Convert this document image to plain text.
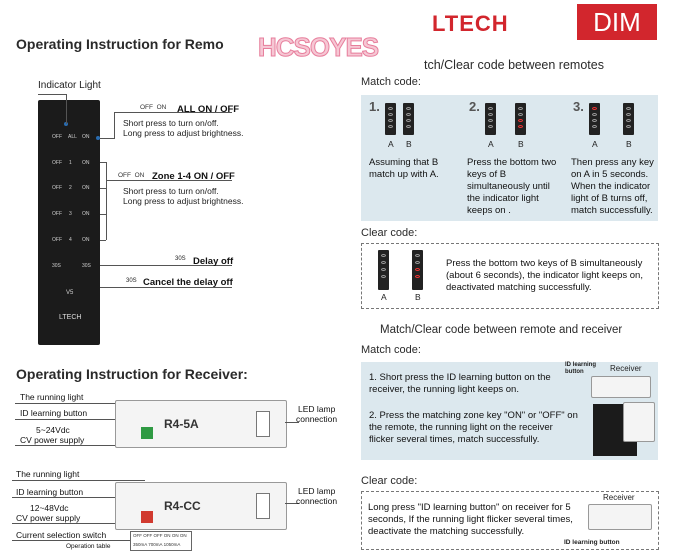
Operating Instruction for Remo HCSOYES
LTECH	DIM
tch/Clear code between remotes
Indicator Light
OFF ALL ON
OFF 1 ON
OFF 2 ON
OFF 3 ON
OFF 4 ON
30S	30S
V5
LTECH
OFF ON ALL ON / OFF
Short press to turn on/off.
Long press to adjust brightness.
OFF ON Zone 1-4 ON / OFF
Short press to turn on/off.
Long press to adjust brightness.
30S Delay off
30S Cancel the delay off
Match code:
1.
A B
Assuming that B match up with A.
2.
A	B
Press the bottom two keys of B simultaneously until the indicator light keeps on .
3.
A	B
Then press any key on A in 5 seconds. When the indicator light of B turns off, match successfully.
Clear code:
A	B
Press the bottom two keys of B simultaneously (about 6 seconds), the indicator light keeps on, deactivated matching successfully.
Operating Instruction for Receiver:
The running light
ID learning button
5~24Vdc
CV power supply
R4-5A
LED lamp
connection
The running light
ID learning button
12~48Vdc
CV power supply
Current selection switch
Operation table
R4-CC
OFF OFF OFF ON ON ON
350mA 700mA 1050mA
LED lamp
connection
Match/Clear code between remote and receiver
Match code:
1. Short press the ID learning button on the receiver, the running light keeps on.
2. Press the matching zone key "ON" or "OFF" on the remote, the running light on the receiver flicker several times, match successfully.
ID learning
button	Receiver
Clear code:
Long press "ID learning button" on receiver for 5 seconds, If the running light flicker several times, deactivate the matching successfully.
Receiver
ID learning button
